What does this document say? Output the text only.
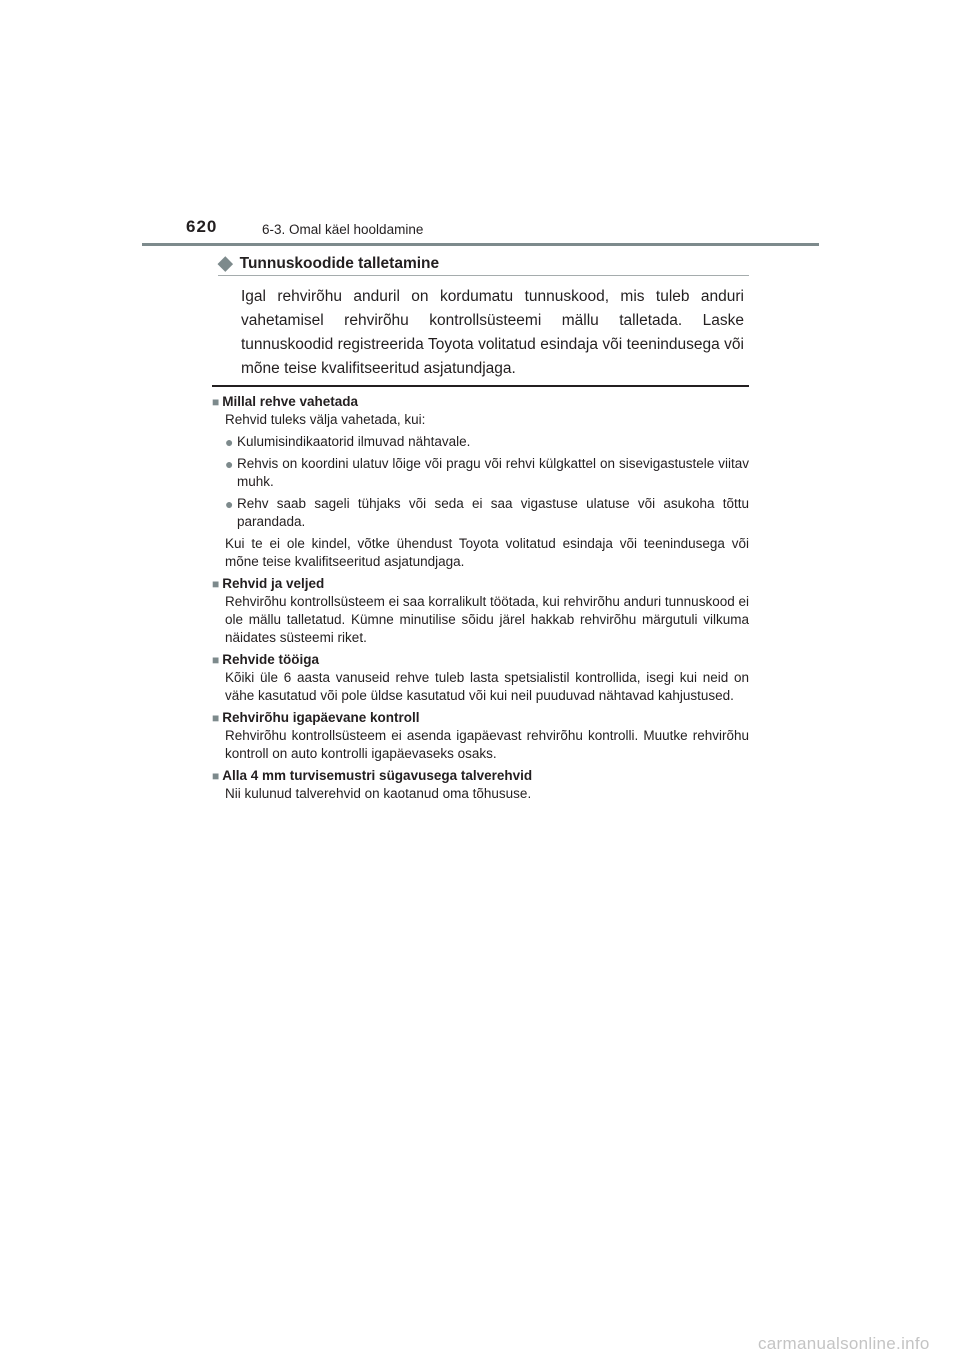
620	6-3. Omal käel hooldamine
◆ Tunnuskoodide talletamine
Igal rehvirõhu anduril on kordumatu tunnuskood, mis tuleb anduri vahetamisel rehvirõhu kontrollsüsteemi mällu talletada. Laske tunnuskoodid registreerida Toyota volitatud esindaja või teenindusega või mõne teise kvalifitseeritud asjatundjaga.
■ Millal rehve vahetada
Rehvid tuleks välja vahetada, kui:
● Kulumisindikaatorid ilmuvad nähtavale.
● Rehvis on koordini ulatuv lõige või pragu või rehvi külgkattel on sisevigastustele viitav muhk.
● Rehv saab sageli tühjaks või seda ei saa vigastuse ulatuse või asukoha tõttu parandada.
Kui te ei ole kindel, võtke ühendust Toyota volitatud esindaja või teenindusega või mõne teise kvalifitseeritud asjatundjaga.
■ Rehvid ja veljed
Rehvirõhu kontrollsüsteem ei saa korralikult töötada, kui rehvirõhu anduri tunnuskood ei ole mällu talletatud. Kümne minutilise sõidu järel hakkab rehvirõhu märgutuli vilkuma näidates süsteemi riket.
■ Rehvide tööiga
Kõiki üle 6 aasta vanuseid rehve tuleb lasta spetsialistil kontrollida, isegi kui neid on vähe kasutatud või pole üldse kasutatud või kui neil puuduvad nähtavad kahjustused.
■ Rehvirõhu igapäevane kontroll
Rehvirõhu kontrollsüsteem ei asenda igapäevast rehvirõhu kontrolli. Muutke rehvirõhu kontroll on auto kontrolli igapäevaseks osaks.
■ Alla 4 mm turvisemustri sügavusega talverehvid
Nii kulunud talverehvid on kaotanud oma tõhususe.
carmanualsonline.info
